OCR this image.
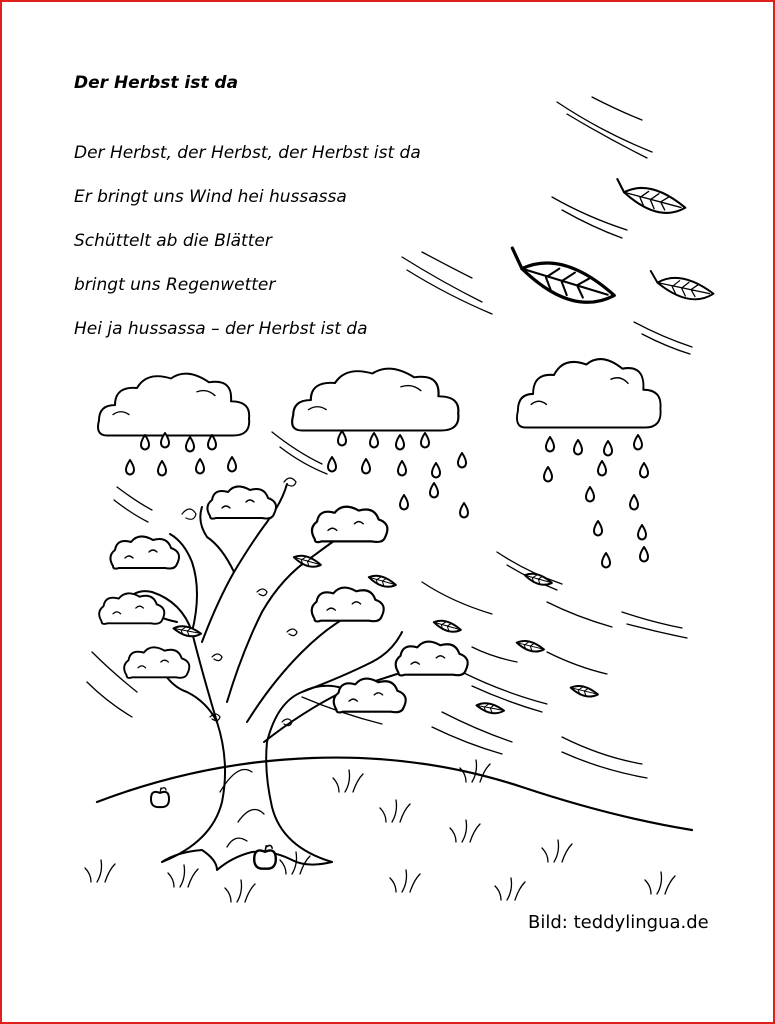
Der Herbst ist da
Der Herbst, der Herbst, der Herbst ist da
Er bringt uns Wind hei hussassa
Schüttelt ab die Blätter
bringt uns Regenwetter
Hei ja hussassa – der Herbst ist da
Bild: teddylingua.de
